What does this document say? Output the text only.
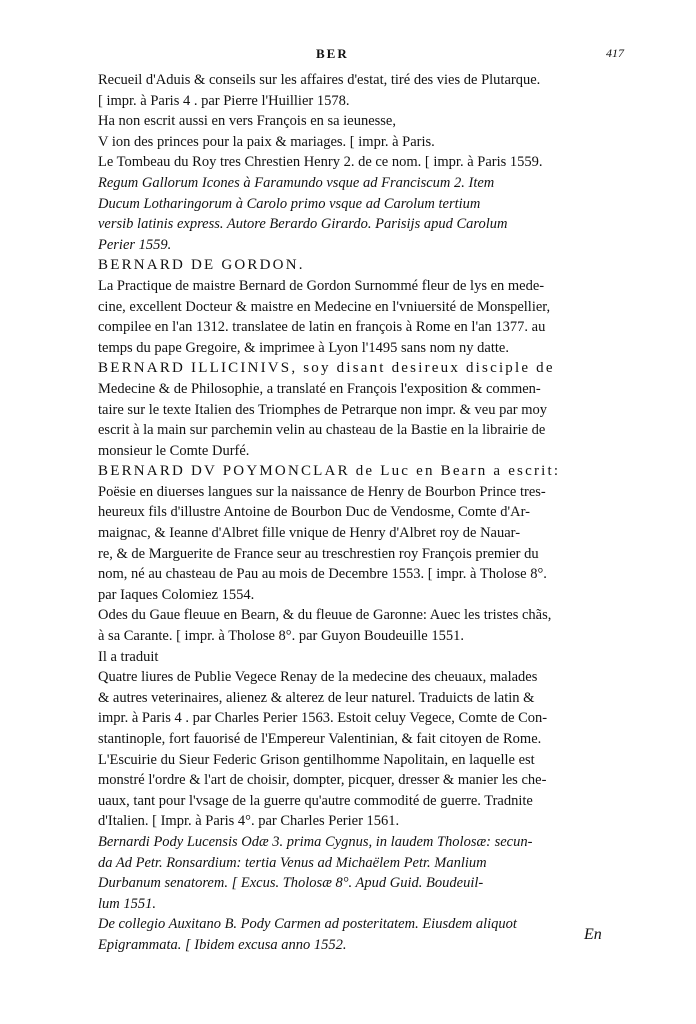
BER	417
Recueil d'Aduis & conseils sur les affaires d'estat, tiré des vies de Plutarque.
[ impr. à Paris 4 . par Pierre l'Huillier 1578.
Ha non escrit aussi en vers François en sa ieunesse,
V ion des princes pour la paix & mariages. [ impr. à Paris.
Le Tombeau du Roy tres Chrestien Henry 2. de ce nom. [ impr. à Paris 1559.
Regum Gallorum Icones à Faramundo vsque ad Franciscum 2. Item
Ducum Lotharingorum à Carolo primo vsque ad Carolum tertium
versib latinis express. Autore Berardo Girardo. Parisijs apud Carolum
Perier 1559.
BERNARD DE GORDON.
La Practique de maistre Bernard de Gordon Surnommé fleur de lys en mede-
cine, excellent Docteur & maistre en Medecine en l'vniuersité de Monspellier,
compilee en l'an 1312. translatee de latin en françois à Rome en l'an 1377. au
temps du pape Gregoire, & imprimee à Lyon l'1495 sans nom ny datte.
BERNARD ILLICINIVS, soy disant desireux disciple de
Medecine & de Philosophie, a translaté en François l'exposition & commen-
taire sur le texte Italien des Triomphes de Petrarque non impr. & veu par moy
escrit à la main sur parchemin velin au chasteau de la Bastie en la librairie de
monsieur le Comte Durfé.
BERNARD DV POYMONCLAR de Luc en Bearn a escrit:
Poësie en diuerses langues sur la naissance de Henry de Bourbon Prince tres-
heureux fils d'illustre Antoine de Bourbon Duc de Vendosme, Comte d'Ar-
maignac, & Ieanne d'Albret fille vnique de Henry d'Albret roy de Nauar-
re, & de Marguerite de France seur au treschrestien roy François premier du
nom, né au chasteau de Pau au mois de Decembre 1553. [ impr. à Tholose 8°.
par Iaques Colomiez 1554.
Odes du Gaue fleuue en Bearn, & du fleuue de Garonne: Auec les tristes chãs,
à sa Carante. [ impr. à Tholose 8°. par Guyon Boudeuille 1551.
Il a traduit
Quatre liures de Publie Vegece Renay de la medecine des cheuaux, malades
& autres veterinaires, alienez & alterez de leur naturel. Traduicts de latin &
impr. à Paris 4 . par Charles Perier 1563. Estoit celuy Vegece, Comte de Con-
stantinople, fort fauorisé de l'Empereur Valentinian, & fait citoyen de Rome.
L'Escuirie du Sieur Federic Grison gentilhomme Napolitain, en laquelle est
monstré l'ordre & l'art de choisir, dompter, picquer, dresser & manier les che-
uaux, tant pour l'vsage de la guerre qu'autre commodité de guerre. Tradnite
d'Italien. [ Impr. à Paris 4°. par Charles Perier 1561.
Bernardi Pody Lucensis Odæ 3. prima Cygnus, in laudem Tholosæ: secun-
da Ad Petr. Ronsardium: tertia Venus ad Michaëlem Petr. Manlium
Durbanum senatorem. [ Excus. Tholosæ 8°. Apud Guid. Boudeuil-
lum 1551.
De collegio Auxitano B. Pody Carmen ad posteritatem. Eiusdem aliquot
Epigrammata. [ Ibidem excusa anno 1552.
En
